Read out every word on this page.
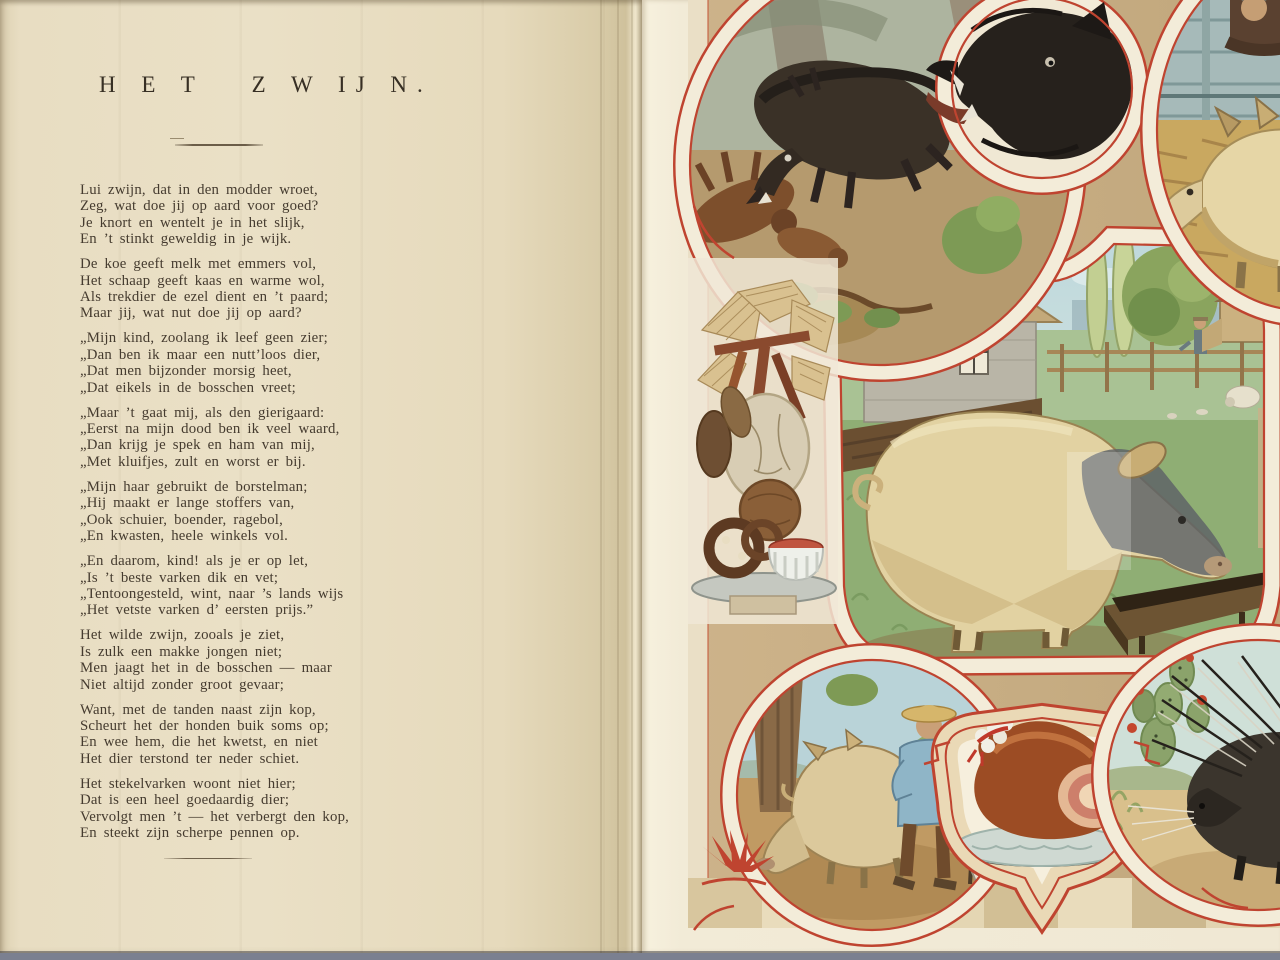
H E T   Z W IJ N.
Lui zwijn, dat in den modder wroet,
Zeg, wat doe jij op aard voor goed?
Je knort en wentelt je in het slijk,
En ’t stinkt geweldig in je wijk.
De koe geeft melk met emmers vol,
Het schaap geeft kaas en warme wol,
Als trekdier de ezel dient en ’t paard;
Maar jij, wat nut doe jij op aard?
„Mijn kind, zoolang ik leef geen zier;
„Dan ben ik maar een nutt’loos dier,
„Dat men bijzonder morsig heet,
„Dat eikels in de bosschen vreet;
„Maar ’t gaat mij, als den gierigaard:
„Eerst na mijn dood ben ik veel waard,
„Dan krijg je spek en ham van mij,
„Met kluifjes, zult en worst er bij.
„Mijn haar gebruikt de borstelman;
„Hij maakt er lange stoffers van,
„Ook schuier, boender, ragebol,
„En kwasten, heele winkels vol.
„En daarom, kind! als je er op let,
„Is ’t beste varken dik en vet;
„Tentoongesteld, wint, naar ’s lands wijs
„Het vetste varken d’ eersten prijs.”
Het wilde zwijn, zooals je ziet,
Is zulk een makke jongen niet;
Men jaagt het in de bosschen — maar
Niet altijd zonder groot gevaar;
Want, met de tanden naast zijn kop,
Scheurt het der honden buik soms op;
En wee hem, die het kwetst, en niet
Het dier terstond ter neder schiet.
Het stekelvarken woont niet hier;
Dat is een heel goedaardig dier;
Vervolgt men ’t — het verbergt den kop,
En steekt zijn scherpe pennen op.
